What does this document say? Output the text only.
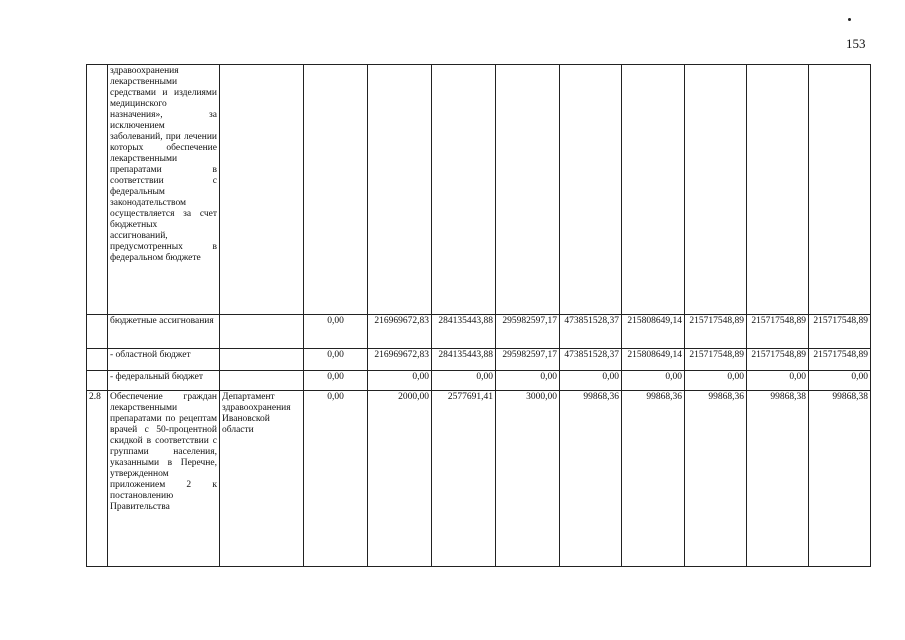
153
	здравоохранения лекарственными средствами и изделиями медицинского назначения», за исключением заболеваний, при лечении которых обеспечение лекарственными препаратами в соответствии с федеральным законодательством осуществляется за счет бюджетных ассигнований, предусмотренных в федеральном бюджете										
	бюджетные ассигнования		0,00	216969672,83	284135443,88	295982597,17	473851528,37	215808649,14	215717548,89	215717548,89	215717548,89
	- областной бюджет		0,00	216969672,83	284135443,88	295982597,17	473851528,37	215808649,14	215717548,89	215717548,89	215717548,89
	- федеральный бюджет		0,00	0,00	0,00	0,00	0,00	0,00	0,00	0,00	0,00
2.8	Обеспечение граждан лекарственными препаратами по рецептам врачей с 50-процентной скидкой в соответствии с группами населения, указанными в Перечне, утвержденном приложением 2 к постановлению Правительства	Департамент здравоохранения Ивановской области	0,00	2000,00	2577691,41	3000,00	99868,36	99868,36	99868,36	99868,38	99868,38
